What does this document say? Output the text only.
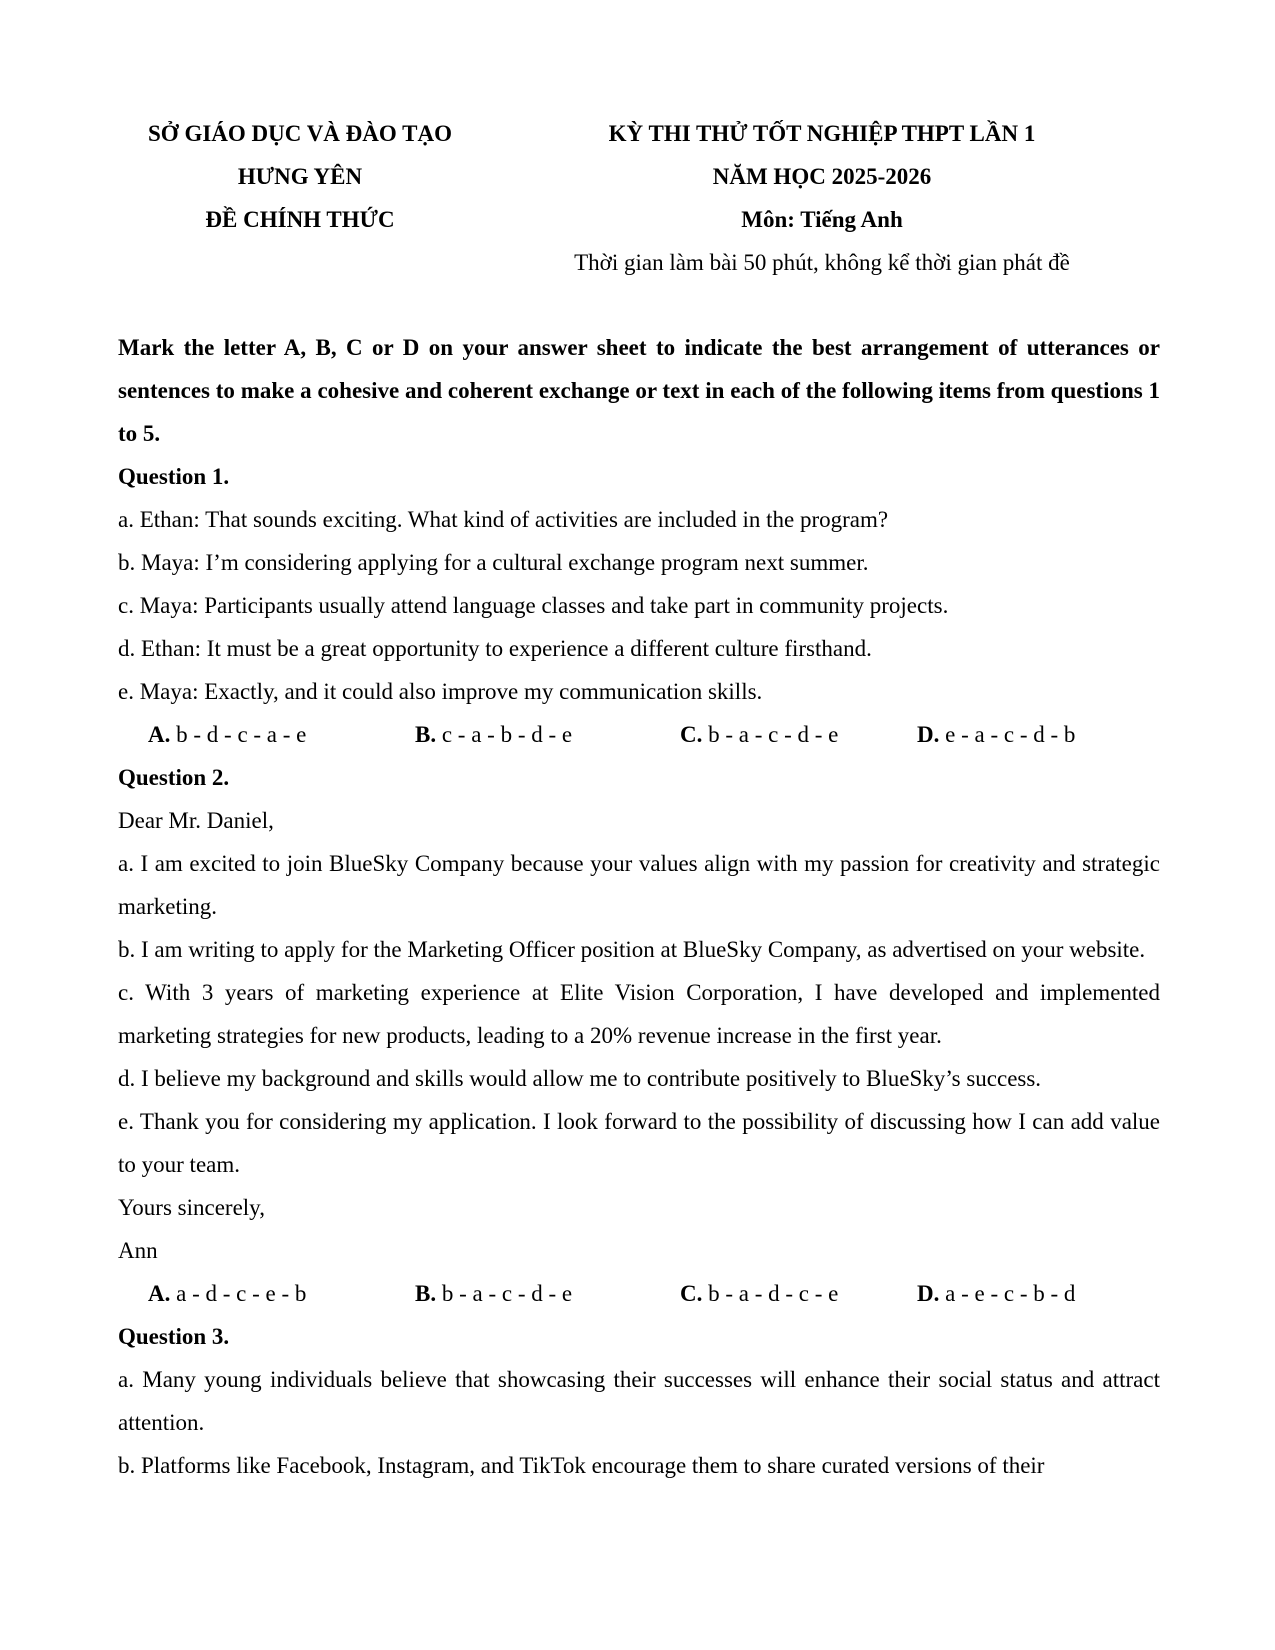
SỞ GIÁO DỤC VÀ ĐÀO TẠO
HƯNG YÊN
ĐỀ CHÍNH THỨC
KỲ THI THỬ TỐT NGHIỆP THPT LẦN 1
NĂM HỌC 2025-2026
Môn: Tiếng Anh
Thời gian làm bài 50 phút, không kể thời gian phát đề

Mark the letter A, B, C or D on your answer sheet to indicate the best arrangement of utterances or sentences to make a cohesive and coherent exchange or text in each of the following items from questions 1 to 5.

Question 1.

a. Ethan: That sounds exciting. What kind of activities are included in the program?

b. Maya: I’m considering applying for a cultural exchange program next summer.

c. Maya: Participants usually attend language classes and take part in community projects.

d. Ethan: It must be a great opportunity to experience a different culture firsthand.

e. Maya: Exactly, and it could also improve my communication skills.

A. b - d - c - a - e	B. c - a - b - d - e	C. b - a - c - d - e	D. e - a - c - d - b

Question 2.

Dear Mr. Daniel,

a. I am excited to join BlueSky Company because your values align with my passion for creativity and strategic marketing.

b. I am writing to apply for the Marketing Officer position at BlueSky Company, as advertised on your website.

c. With 3 years of marketing experience at Elite Vision Corporation, I have developed and implemented marketing strategies for new products, leading to a 20% revenue increase in the first year.

d. I believe my background and skills would allow me to contribute positively to BlueSky’s success.

e. Thank you for considering my application. I look forward to the possibility of discussing how I can add value to your team.

Yours sincerely,

Ann

A. a - d - c - e - b	B. b - a - c - d - e	C. b - a - d - c - e	D. a - e - c - b - d

Question 3.

a. Many young individuals believe that showcasing their successes will enhance their social status and attract attention.

b. Platforms like Facebook, Instagram, and TikTok encourage them to share curated versions of their
